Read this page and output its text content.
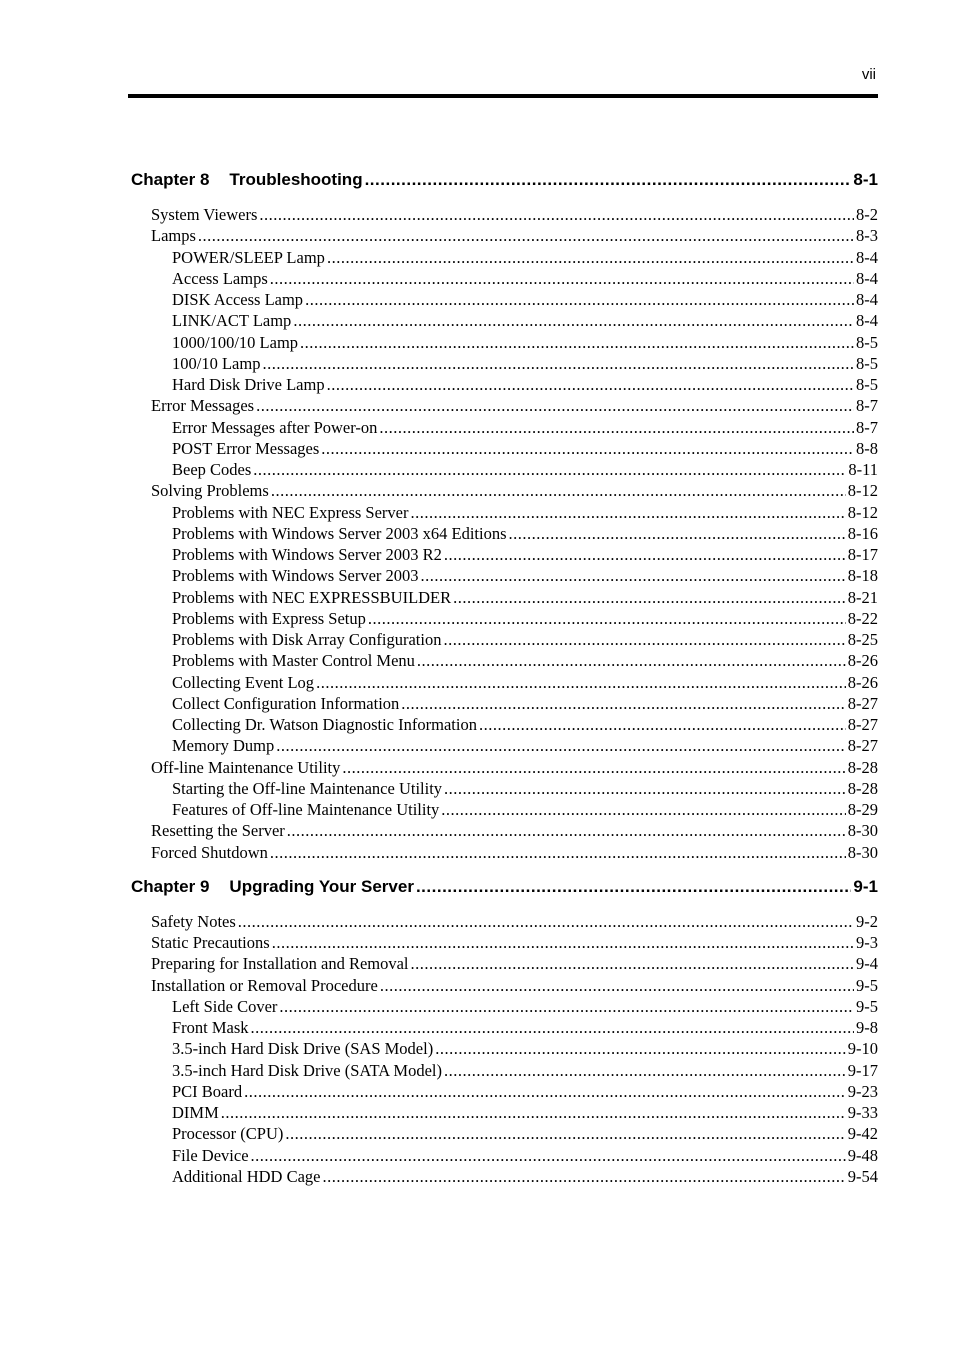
vii
Chapter 8 Troubleshooting .....	8-1
System Viewers .....	8-2
Lamps .....	8-3
POWER/SLEEP Lamp .....	8-4
Access Lamps .....	8-4
DISK Access Lamp .....	8-4
LINK/ACT Lamp .....	8-4
1000/100/10 Lamp .....	8-5
100/10 Lamp .....	8-5
Hard Disk Drive Lamp .....	8-5
Error Messages .....	8-7
Error Messages after Power-on .....	8-7
POST Error Messages .....	8-8
Beep Codes .....	8-11
Solving Problems .....	8-12
Problems with NEC Express Server .....	8-12
Problems with Windows Server 2003 x64 Editions .....	8-16
Problems with Windows Server 2003 R2 .....	8-17
Problems with Windows Server 2003 .....	8-18
Problems with NEC EXPRESSBUILDER .....	8-21
Problems with Express Setup .....	8-22
Problems with Disk Array Configuration .....	8-25
Problems with Master Control Menu .....	8-26
Collecting Event Log .....	8-26
Collect Configuration Information .....	8-27
Collecting Dr. Watson Diagnostic Information .....	8-27
Memory Dump .....	8-27
Off-line Maintenance Utility .....	8-28
Starting the Off-line Maintenance Utility .....	8-28
Features of Off-line Maintenance Utility .....	8-29
Resetting the Server .....	8-30
Forced Shutdown .....	8-30
Chapter 9 Upgrading Your Server .....	9-1
Safety Notes .....	9-2
Static Precautions .....	9-3
Preparing for Installation and Removal .....	9-4
Installation or Removal Procedure .....	9-5
Left Side Cover .....	9-5
Front Mask .....	9-8
3.5-inch Hard Disk Drive (SAS Model) .....	9-10
3.5-inch Hard Disk Drive (SATA Model) .....	9-17
PCI Board .....	9-23
DIMM .....	9-33
Processor (CPU) .....	9-42
File Device .....	9-48
Additional HDD Cage .....	9-54
